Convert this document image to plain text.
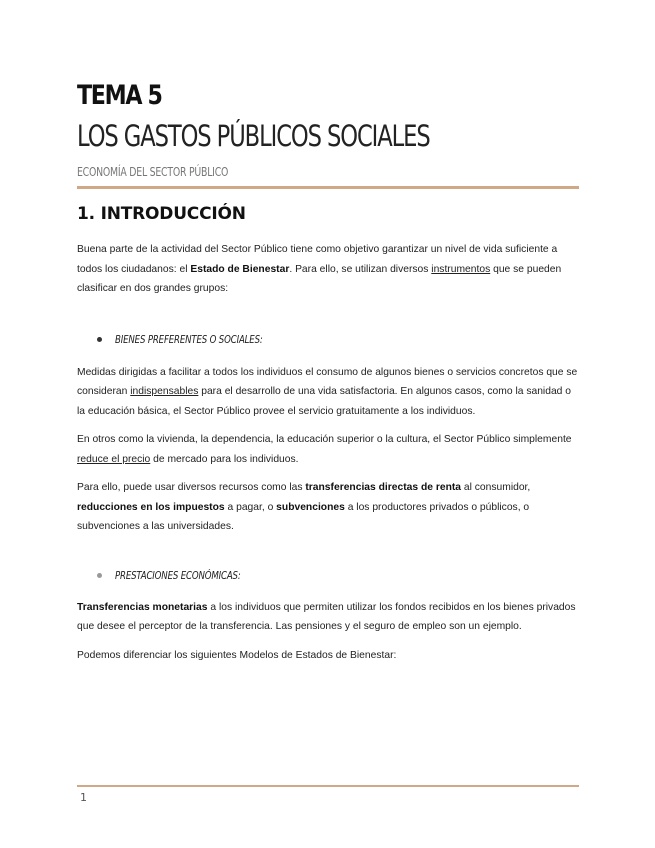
TEMA 5
LOS GASTOS PÚBLICOS SOCIALES
ECONOMÍA DEL SECTOR PÚBLICO
1. INTRODUCCIÓN

Buena parte de la actividad del Sector Público tiene como objetivo garantizar un nivel de vida suficiente a todos los ciudadanos: el Estado de Bienestar. Para ello, se utilizan diversos instrumentos que se pueden clasificar en dos grandes grupos:

BIENES PREFERENTES O SOCIALES:

Medidas dirigidas a facilitar a todos los individuos el consumo de algunos bienes o servicios concretos que se consideran indispensables para el desarrollo de una vida satisfactoria. En algunos casos, como la sanidad o la educación básica, el Sector Público provee el servicio gratuitamente a los individuos.

En otros como la vivienda, la dependencia, la educación superior o la cultura, el Sector Público simplemente reduce el precio de mercado para los individuos.

Para ello, puede usar diversos recursos como las transferencias directas de renta al consumidor, reducciones en los impuestos a pagar, o subvenciones a los productores privados o públicos, o subvenciones a las universidades.

PRESTACIONES ECONÓMICAS:

Transferencias monetarias a los individuos que permiten utilizar los fondos recibidos en los bienes privados que desee el perceptor de la transferencia. Las pensiones y el seguro de empleo son un ejemplo.

Podemos diferenciar los siguientes Modelos de Estados de Bienestar:

1
